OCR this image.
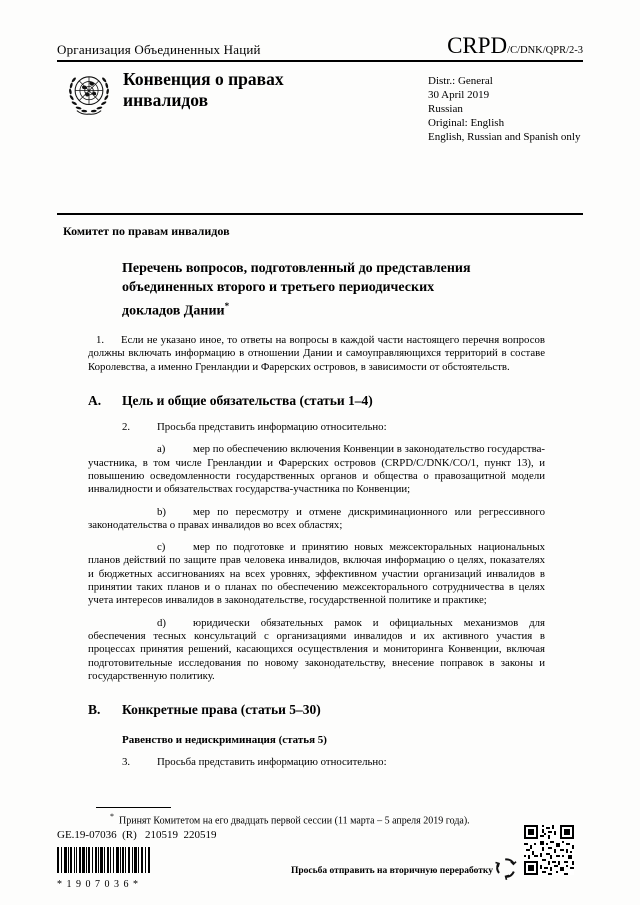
Организация Объединенных Наций	CRPD/C/DNK/QPR/2-3
Конвенция о правах
инвалидов
Distr.: General
30 April 2019
Russian
Original: English
English, Russian and Spanish only
Комитет по правам инвалидов
Перечень вопросов, подготовленный до представления
объединенных второго и третьего периодических
докладов Дании*

1. Если не указано иное, то ответы на вопросы в каждой части настоящего перечня вопросов должны включать информацию в отношении Дании и самоуправляющихся территорий в составе Королевства, а именно Гренландии и Фарерских островов, в зависимости от обстоятельств.

A.	Цель и общие обязательства (статьи 1–4)

2. Просьба представить информацию относительно:

a)	мер по обеспечению включения Конвенции в законодательство государства-участника, в том числе Гренландии и Фарерских островов (CRPD/C/DNK/CO/1, пункт 13), и повышению осведомленности государственных органов и общества о правозащитной модели инвалидности и обязательствах государства-участника по Конвенции;

b)	мер по пересмотру и отмене дискриминационного или регрессивного законодательства о правах инвалидов во всех областях;

c)	мер по подготовке и принятию новых межсекторальных национальных планов действий по защите прав человека инвалидов, включая информацию о целях, показателях и бюджетных ассигнованиях на всех уровнях, эффективном участии организаций инвалидов в принятии таких планов и о планах по обеспечению межсекторального сотрудничества в целях учета интересов инвалидов в законодательстве, государственной политике и практике;

d)	юридически обязательных рамок и официальных механизмов для обеспечения тесных консультаций с организациями инвалидов и их активного участия в процессах принятия решений, касающихся осуществления и мониторинга Конвенции, включая подготовительные исследования по новому законодательству, внесение поправок в законы и государственную политику.

B.	Конкретные права (статьи 5–30)
Равенство и недискриминация (статья 5)

3. Просьба представить информацию относительно:

* Принят Комитетом на его двадцать первой сессии (11 марта – 5 апреля 2019 года).
GE.19-07036  (R)   210519  220519
*1907036*
Просьба отправить на вторичную переработку
